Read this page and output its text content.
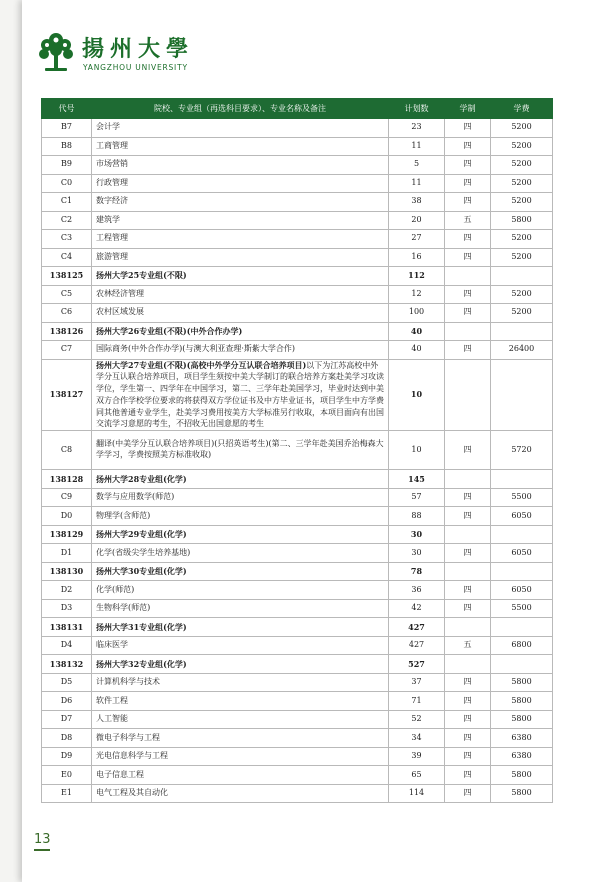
揚州大學
YANGZHOU UNIVERSITY
代号	院校、专业组（再选科目要求）、专业名称及备注	计划数	学制	学费
B7	会计学	23	四	5200
B8	工商管理	11	四	5200
B9	市场营销	5	四	5200
C0	行政管理	11	四	5200
C1	数字经济	38	四	5200
C2	建筑学	20	五	5800
C3	工程管理	27	四	5200
C4	旅游管理	16	四	5200
138125	扬州大学25专业组(不限)	112		
C5	农林经济管理	12	四	5200
C6	农村区域发展	100	四	5200
138126	扬州大学26专业组(不限)(中外合作办学)	40		
C7	国际商务(中外合作办学)(与澳大利亚查理·斯紫大学合作)	40	四	26400
138127	扬州大学27专业组(不限)(高校中外学分互认联合培养项目)以下为江苏高校中外学分互认联合培养项目，项目学生须按中美大学制订的联合培养方案赴美学习攻读学位，学生第一、四学年在中国学习，第二、三学年赴美国学习，毕业时达到中美双方合作学校学位要求的将获得双方学位证书及中方毕业证书，项目学生中方学费同其他普通专业学生，赴美学习费用按美方大学标准另行收取，本项目面向有出国交流学习意愿的考生，不招收无出国意愿的考生	10		
C8	翻译(中美学分互认联合培养项目)(只招英语考生)(第二、三学年赴美国乔治梅森大学学习，学费按照美方标准收取)	10	四	5720
138128	扬州大学28专业组(化学)	145		
C9	数学与应用数学(师范)	57	四	5500
D0	物理学(含师范)	88	四	6050
138129	扬州大学29专业组(化学)	30		
D1	化学(省级尖学生培养基地)	30	四	6050
138130	扬州大学30专业组(化学)	78		
D2	化学(师范)	36	四	6050
D3	生物科学(师范)	42	四	5500
138131	扬州大学31专业组(化学)	427		
D4	临床医学	427	五	6800
138132	扬州大学32专业组(化学)	527		
D5	计算机科学与技术	37	四	5800
D6	软件工程	71	四	5800
D7	人工智能	52	四	5800
D8	微电子科学与工程	34	四	6380
D9	光电信息科学与工程	39	四	6380
E0	电子信息工程	65	四	5800
E1	电气工程及其自动化	114	四	5800
13
